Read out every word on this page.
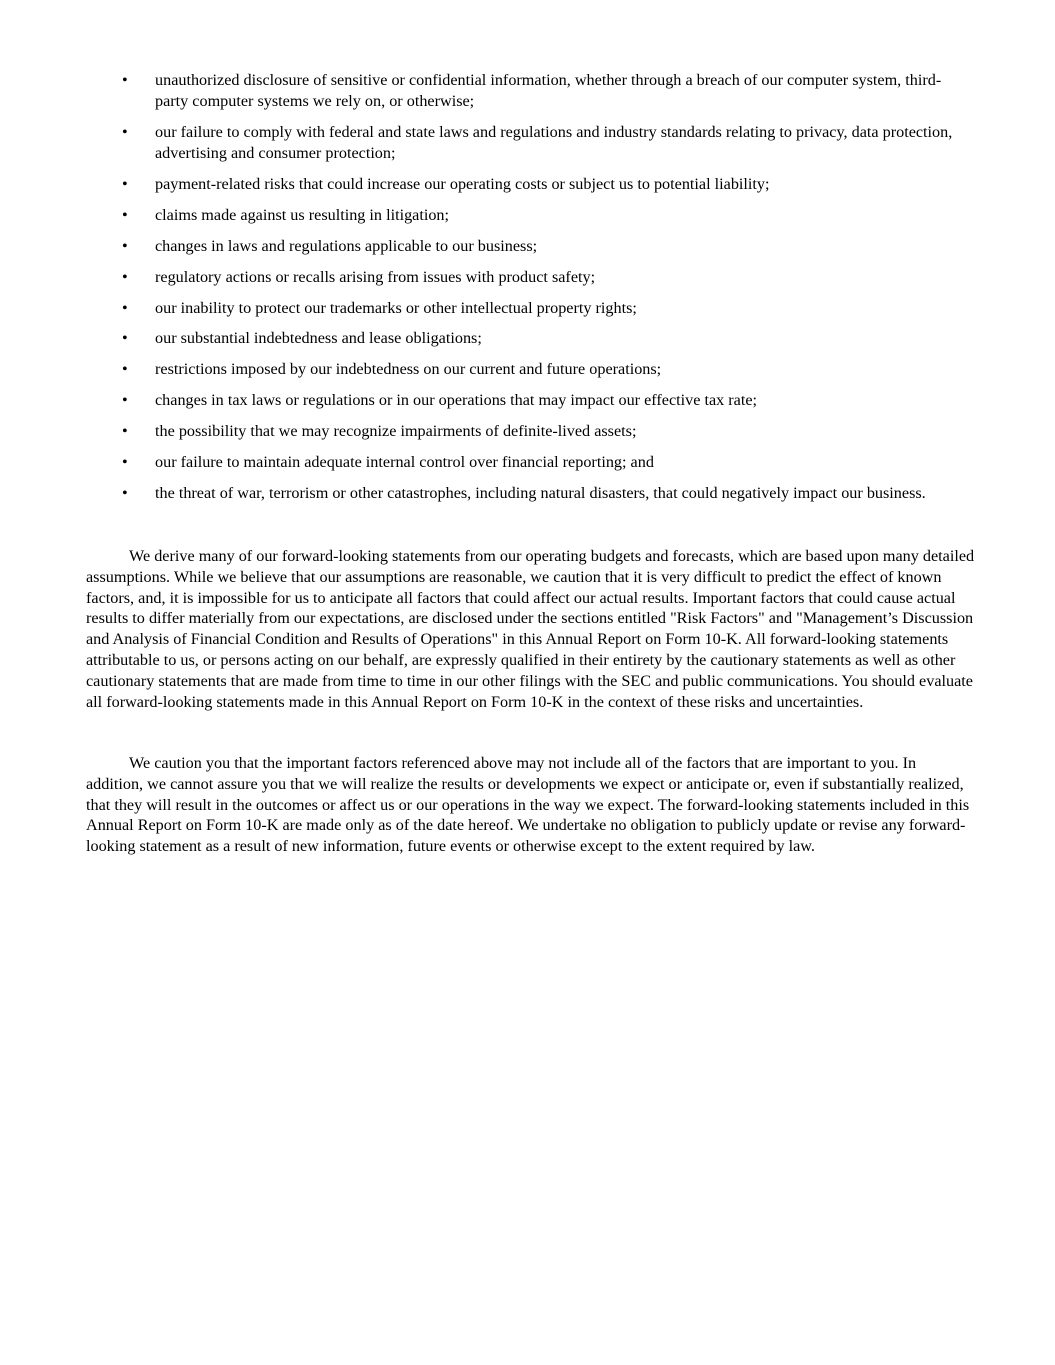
•	unauthorized disclosure of sensitive or confidential information, whether through a breach of our computer system, third-party computer systems we rely on, or otherwise;
•	our failure to comply with federal and state laws and regulations and industry standards relating to privacy, data protection, advertising and consumer protection;
•	payment-related risks that could increase our operating costs or subject us to potential liability;
•	claims made against us resulting in litigation;
•	changes in laws and regulations applicable to our business;
•	regulatory actions or recalls arising from issues with product safety;
•	our inability to protect our trademarks or other intellectual property rights;
•	our substantial indebtedness and lease obligations;
•	restrictions imposed by our indebtedness on our current and future operations;
•	changes in tax laws or regulations or in our operations that may impact our effective tax rate;
•	the possibility that we may recognize impairments of definite-lived assets;
•	our failure to maintain adequate internal control over financial reporting; and
•	the threat of war, terrorism or other catastrophes, including natural disasters, that could negatively impact our business.

We derive many of our forward-looking statements from our operating budgets and forecasts, which are based upon many detailed assumptions. While we believe that our assumptions are reasonable, we caution that it is very difficult to predict the effect of known factors, and, it is impossible for us to anticipate all factors that could affect our actual results. Important factors that could cause actual results to differ materially from our expectations, are disclosed under the sections entitled "Risk Factors" and "Management’s Discussion and Analysis of Financial Condition and Results of Operations" in this Annual Report on Form 10-K. All forward-looking statements attributable to us, or persons acting on our behalf, are expressly qualified in their entirety by the cautionary statements as well as other cautionary statements that are made from time to time in our other filings with the SEC and public communications. You should evaluate all forward-looking statements made in this Annual Report on Form 10-K in the context of these risks and uncertainties.

We caution you that the important factors referenced above may not include all of the factors that are important to you. In addition, we cannot assure you that we will realize the results or developments we expect or anticipate or, even if substantially realized, that they will result in the outcomes or affect us or our operations in the way we expect. The forward-looking statements included in this Annual Report on Form 10-K are made only as of the date hereof. We undertake no obligation to publicly update or revise any forward-looking statement as a result of new information, future events or otherwise except to the extent required by law.
